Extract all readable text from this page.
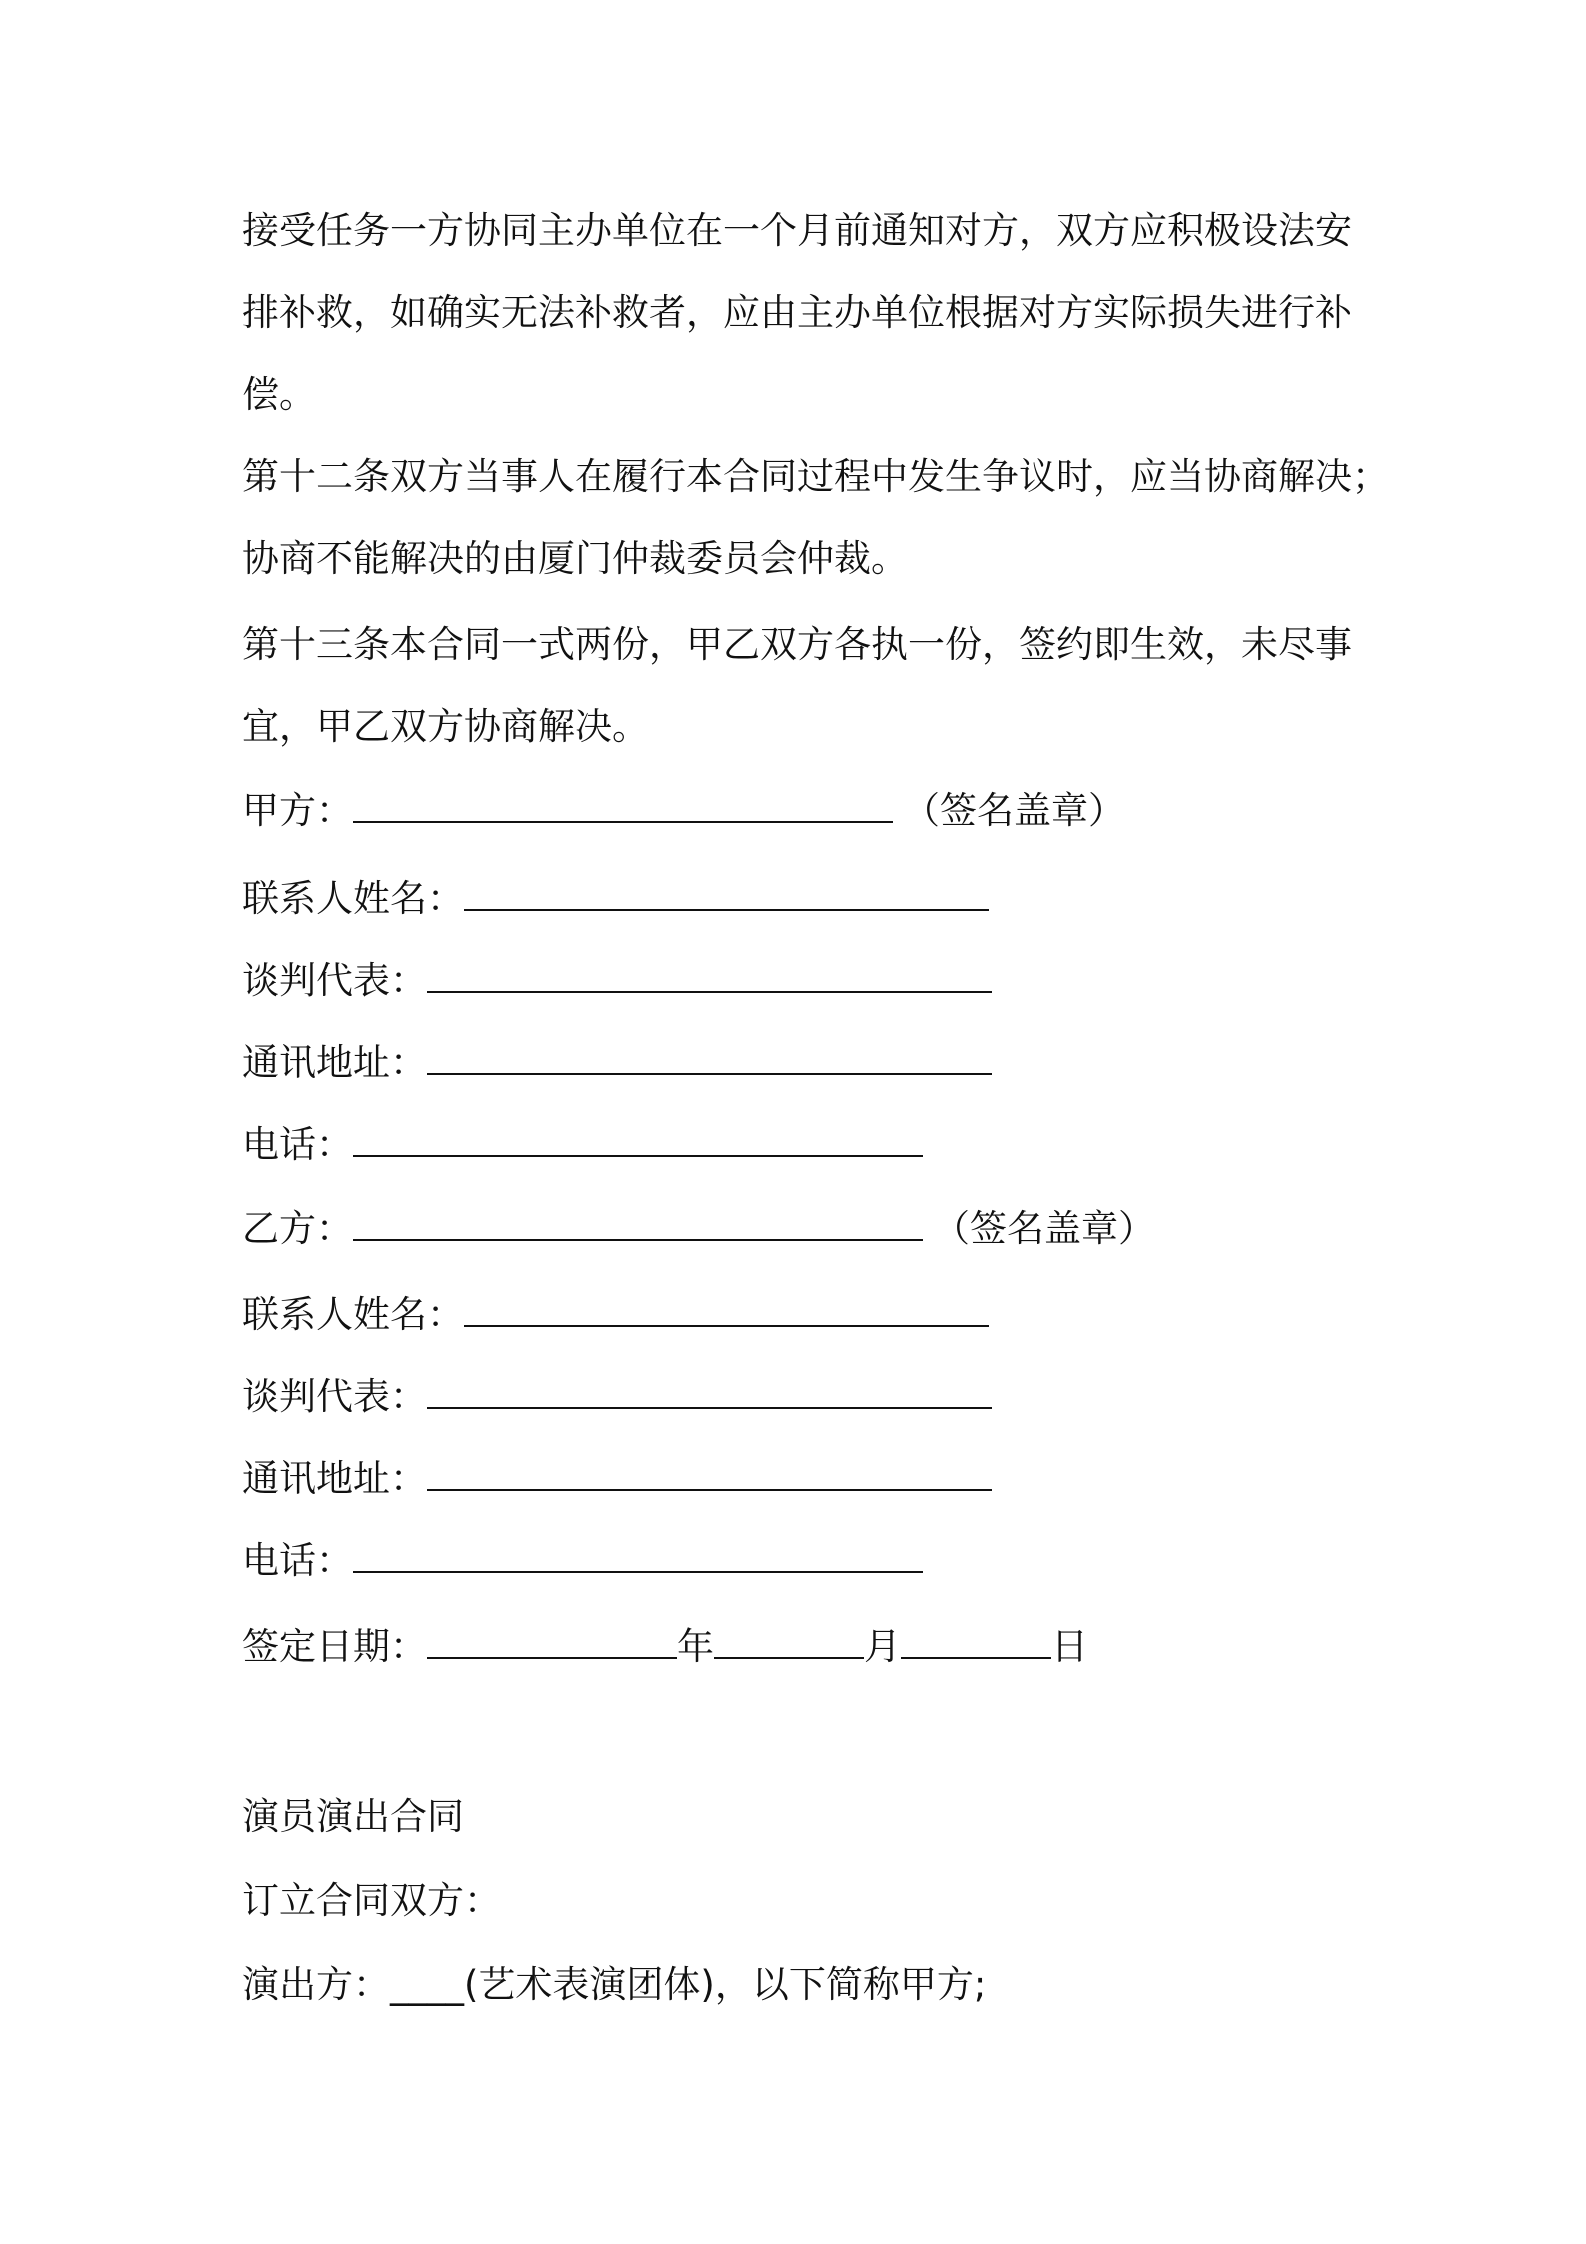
接受任务一方协同主办单位在一个月前通知对方，双方应积极设法安

排补救，如确实无法补救者，应由主办单位根据对方实际损失进行补

偿。

第十二条双方当事人在履行本合同过程中发生争议时，应当协商解决；

协商不能解决的由厦门仲裁委员会仲裁。

第十三条本合同一式两份，甲乙双方各执一份，签约即生效，未尽事

宜，甲乙双方协商解决。

甲方：	（签名盖章）
联系人姓名：
谈判代表：
通讯地址：
电话：
乙方：	（签名盖章）
联系人姓名：
谈判代表：
通讯地址：
电话：
签定日期：	年	月	日

演员演出合同

订立合同双方：

演出方：____(艺术表演团体)，以下简称甲方;
